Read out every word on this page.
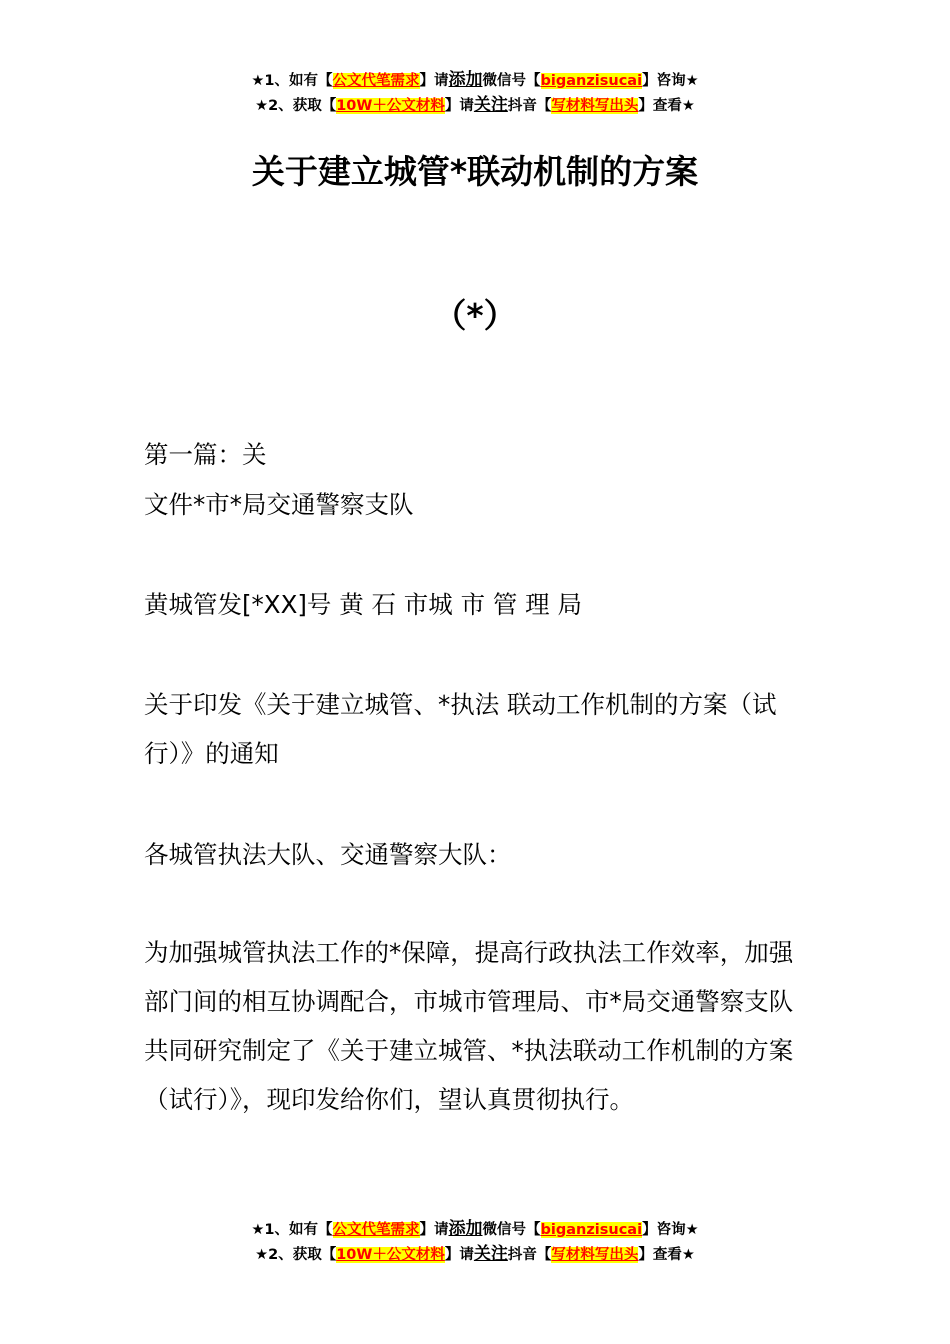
★1、如有【公文代笔需求】请添加微信号【biganzisucai】咨询★
★2、获取【10W＋公文材料】请关注抖音【写材料写出头】查看★
关于建立城管*联动机制的方案
（*）

第一篇：关

文件*市*局交通警察支队

黄城管发[*XX]号 黄 石 市城 市 管 理 局

关于印发《关于建立城管、*执法 联动工作机制的方案（试行）》的通知

各城管执法大队、交通警察大队：

为加强城管执法工作的*保障，提高行政执法工作效率，加强部门间的相互协调配合，市城市管理局、市*局交通警察支队共同研究制定了《关于建立城管、*执法联动工作机制的方案（试行）》，现印发给你们，望认真贯彻执行。

★1、如有【公文代笔需求】请添加微信号【biganzisucai】咨询★
★2、获取【10W＋公文材料】请关注抖音【写材料写出头】查看★
